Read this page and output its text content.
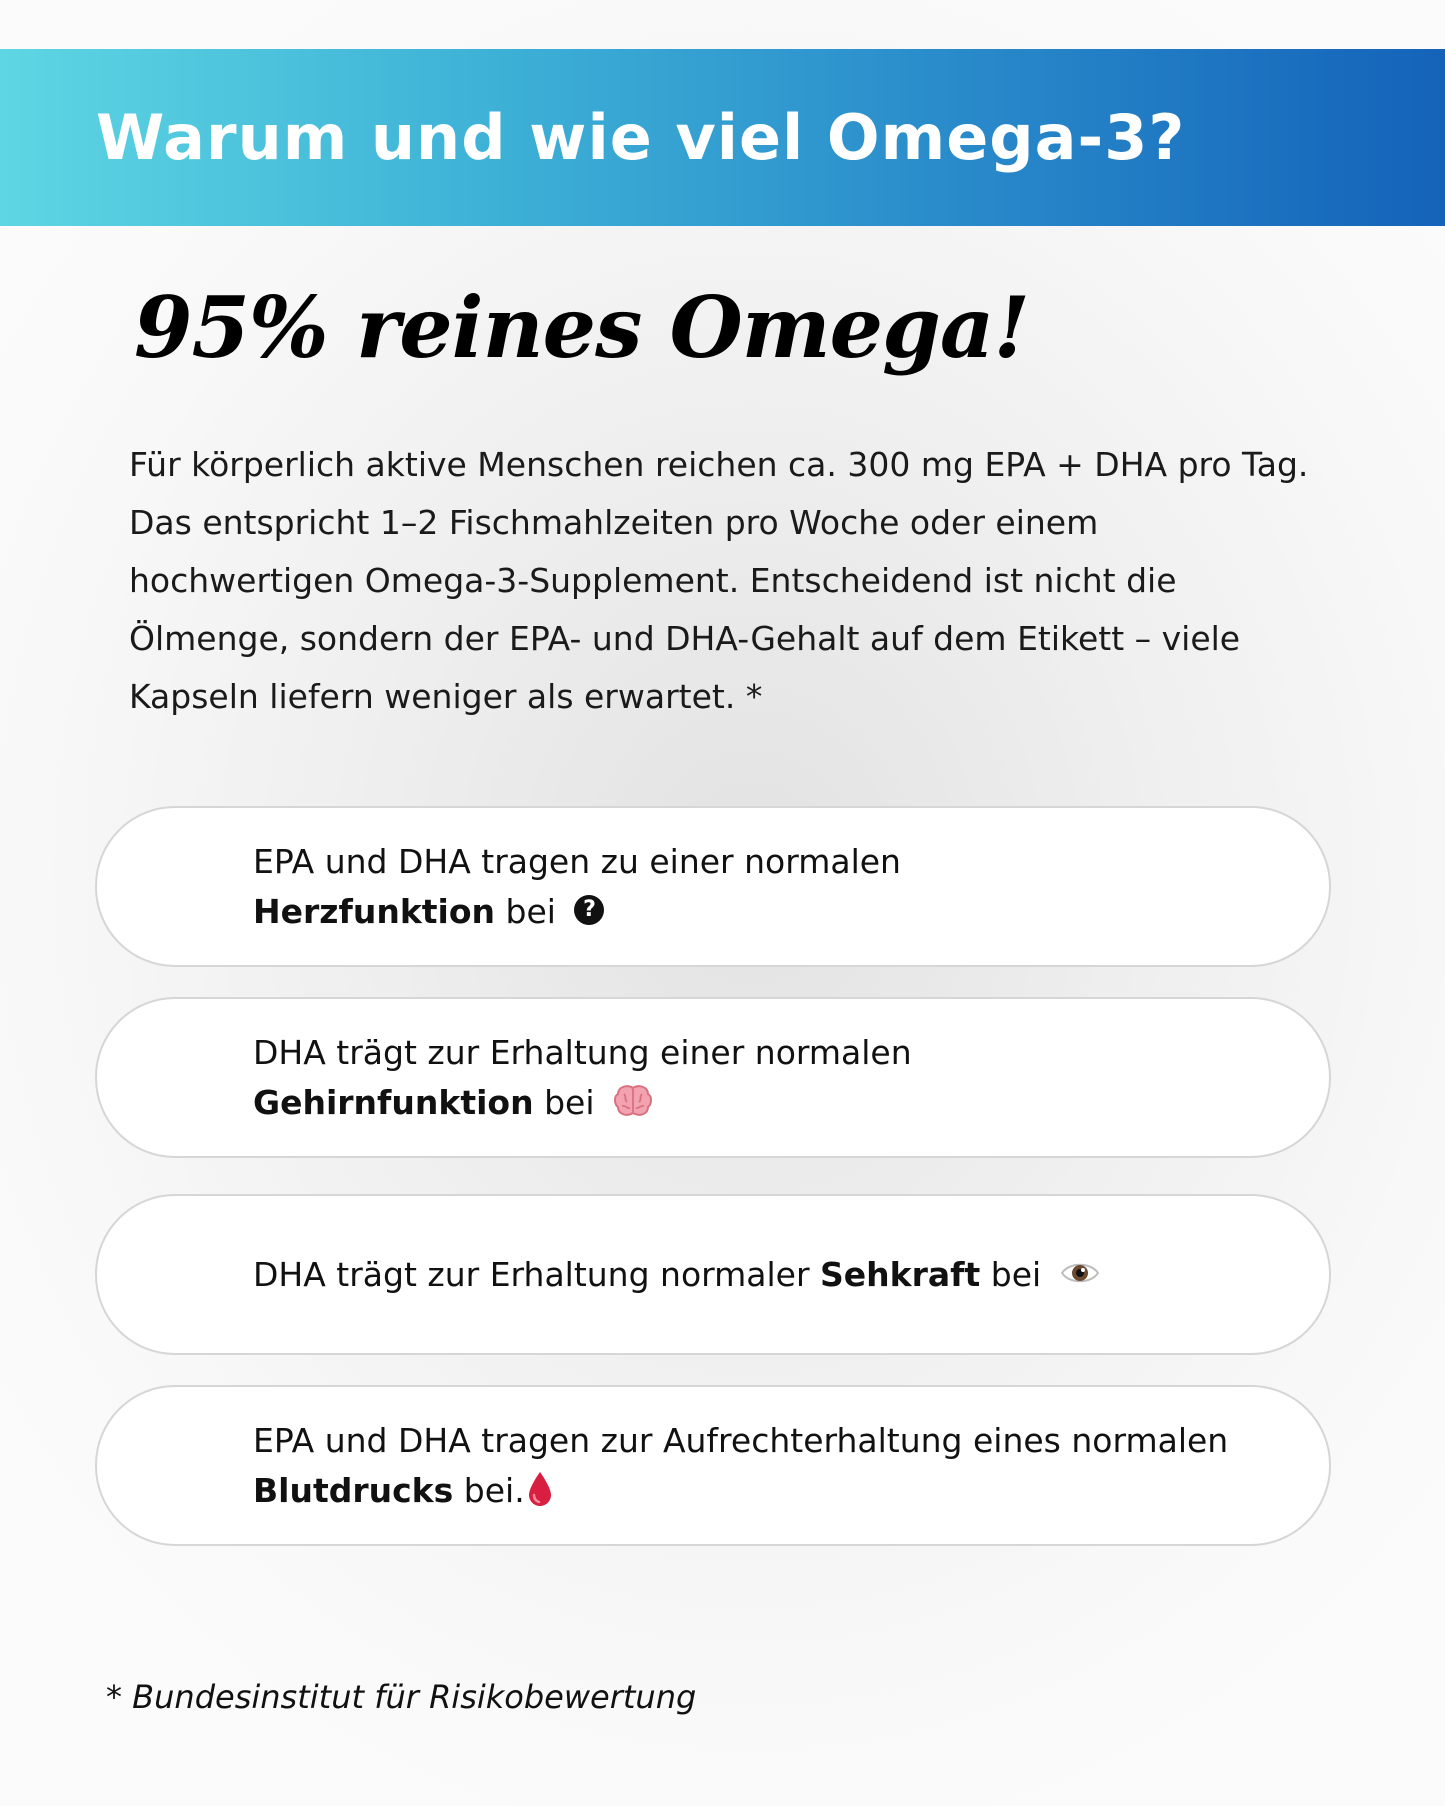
Warum und wie viel Omega-3?
95% reines Omega!

Für körperlich aktive Menschen reichen ca. 300 mg EPA + DHA pro Tag. Das entspricht 1–2 Fischmahlzeiten pro Woche oder einem hochwertigen Omega-3-Supplement. Entscheidend ist nicht die Ölmenge, sondern der EPA- und DHA-Gehalt auf dem Etikett – viele Kapseln liefern weniger als erwartet. *

EPA und DHA tragen zu einer normalen
Herzfunktion bei ?

DHA trägt zur Erhaltung einer normalen
Gehirnfunktion bei

DHA trägt zur Erhaltung normaler Sehkraft bei

EPA und DHA tragen zur Aufrechterhaltung eines normalen Blutdrucks bei.

* Bundesinstitut für Risikobewertung
